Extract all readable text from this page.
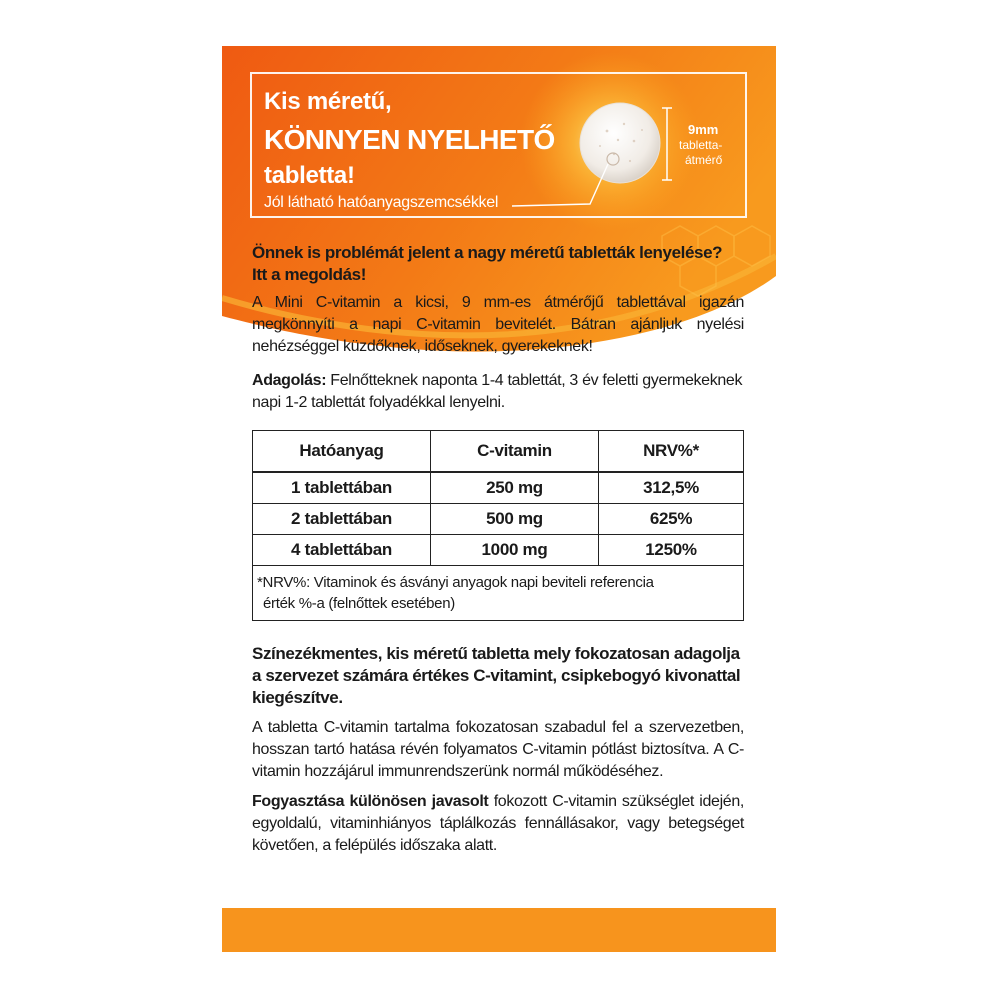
Kis méretű,
KÖNNYEN NYELHETŐ
tabletta!
Jól látható hatóanyagszemcsékkel
9mm
tabletta-
átmérő

Önnek is problémát jelent a nagy méretű tabletták lenyelése?

Itt a megoldás!

A Mini C-vitamin a kicsi, 9 mm-es átmérőjű tablettával igazán megkönnyíti a napi C-vitamin bevitelét. Bátran ajánljuk nyelési nehézséggel küzdőknek, időseknek, gyerekeknek!

Adagolás: Felnőtteknek naponta 1-4 tablettát, 3 év feletti gyermekeknek napi 1-2 tablettát folyadékkal lenyelni.

Hatóanyag	C-vitamin	NRV%*
1 tablettában	250 mg	312,5%
2 tablettában	500 mg	625%
4 tablettában	1000 mg	1250%
*NRV%: Vitaminok és ásványi anyagok napi beviteli referencia
érték %-a (felnőttek esetében)

Színezékmentes, kis méretű tabletta mely fokozatosan adagolja a szervezet számára értékes C-vitamint, csipkebogyó kivonattal kiegészítve.

A tabletta C-vitamin tartalma fokozatosan szabadul fel a szervezetben, hosszan tartó hatása révén folyamatos C-vitamin pótlást biztosítva. A C-vitamin hozzájárul immunrendszerünk normál működéséhez.

Fogyasztása különösen javasolt fokozott C-vitamin szükséglet idején, egyoldalú, vitaminhiányos táplálkozás fennállásakor, vagy betegséget követően, a felépülés időszaka alatt.
